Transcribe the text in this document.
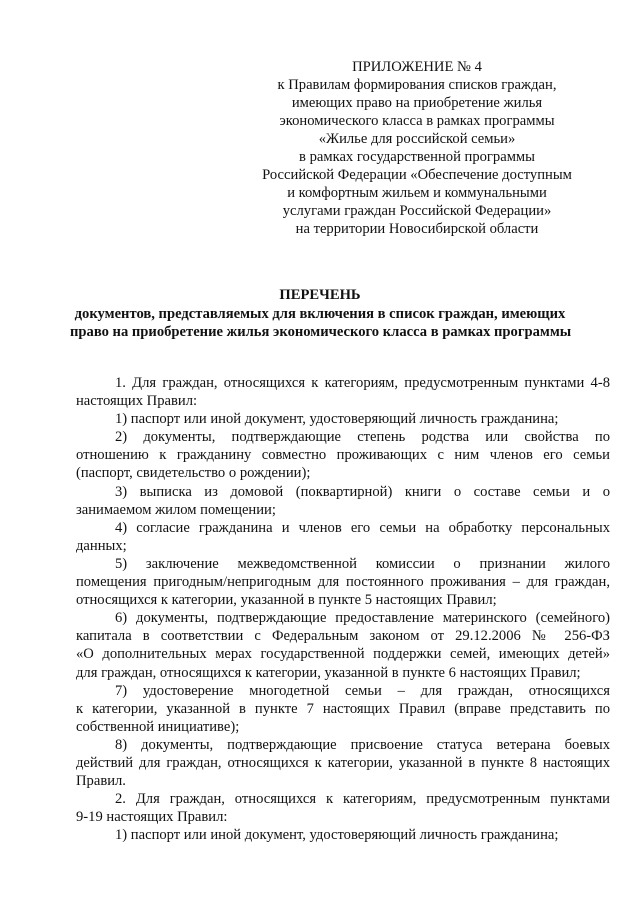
ПРИЛОЖЕНИЕ № 4
к Правилам формирования списков граждан,
имеющих право на приобретение жилья
экономического класса в рамках программы
«Жилье для российской семьи»
в рамках государственной программы
Российской Федерации «Обеспечение доступным
и комфортным жильем и коммунальными
услугами граждан Российской Федерации»
на территории Новосибирской области
ПЕРЕЧЕНЬ
документов, представляемых для включения в список граждан, имеющих
право на приобретение жилья экономического класса в рамках программы
1. Для граждан, относящихся к категориям, предусмотренным пунктами 4-8
настоящих Правил:
1) паспорт или иной документ, удостоверяющий личность гражданина;
2) документы, подтверждающие степень родства или свойства по
отношению к гражданину совместно проживающих с ним членов его семьи
(паспорт, свидетельство о рождении);
3) выписка из домовой (поквартирной) книги о составе семьи и о
занимаемом жилом помещении;
4) согласие гражданина и членов его семьи на обработку персональных
данных;
5) заключение межведомственной комиссии о признании жилого
помещения пригодным/непригодным для постоянного проживания – для граждан,
относящихся к категории, указанной в пункте 5 настоящих Правил;
6) документы, подтверждающие предоставление материнского (семейного)
капитала в соответствии с Федеральным законом от 29.12.2006 № 256-ФЗ
«О дополнительных мерах государственной поддержки семей, имеющих детей»
для граждан, относящихся к категории, указанной в пункте 6 настоящих Правил;
7) удостоверение многодетной семьи – для граждан, относящихся
к категории, указанной в пункте 7 настоящих Правил (вправе представить по
собственной инициативе);
8) документы, подтверждающие присвоение статуса ветерана боевых
действий для граждан, относящихся к категории, указанной в пункте 8 настоящих
Правил.
2. Для граждан, относящихся к категориям, предусмотренным пунктами
9-19 настоящих Правил:
1) паспорт или иной документ, удостоверяющий личность гражданина;
